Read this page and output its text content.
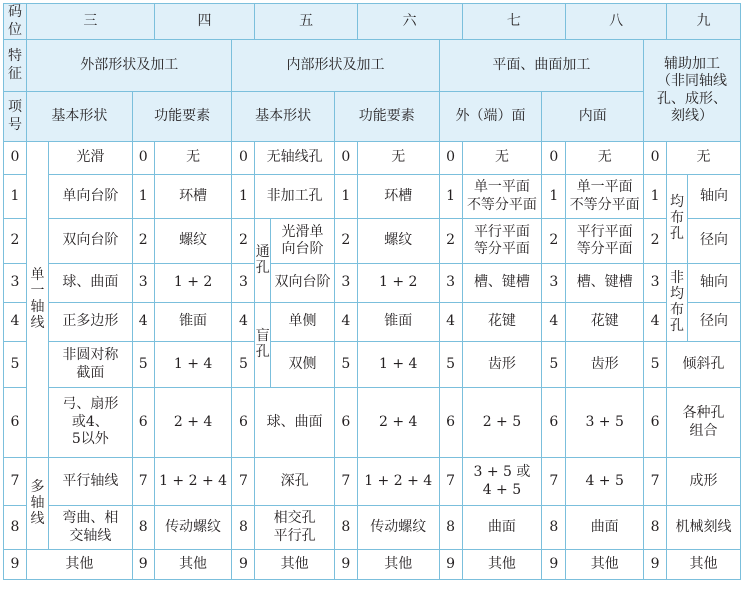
码
位	三			四		五			六		七		八		九	
特
征	外部形状及加工				内部形状及加工					平面、曲面加工				辅助加工
（非同轴线
孔、成形、
刻线）		
项
号	基本形状		功能要素		基本形状			功能要素		外（端）面		内面				
0	单
一
轴
线	光滑	0	无	0	无轴线孔		0	无	0	无	0	无	0	无	
1		单向台阶	1	环槽	1	非加工孔		1	环槽	1	单一平面
不等分平面	1	单一平面
不等分平面	1	均
布
孔	轴向
2		双向台阶	2	螺纹	2	通
孔	光滑单
向台阶	2	螺纹	2	平行平面
等分平面	2	平行平面
等分平面	2		径向
3		球、曲面	3	1 + 2	3		双向台阶	3	1 + 2	3	槽、键槽	3	槽、键槽	3	非
均
布
孔	轴向
4		正多边形	4	锥面	4	盲
孔	单侧	4	锥面	4	花键	4	花键	4		径向
5		非圆对称
截面	5	1 + 4	5		双侧	5	1 + 4	5	齿形	5	齿形	5	倾斜孔	
6		弓、扇形
或4、
5以外	6	2 + 4	6	球、曲面		6	2 + 4	6	2 + 5	6	3 + 5	6	各种孔
组合	
7	多
轴
线	平行轴线	7	1 + 2 + 4	7	深孔		7	1 + 2 + 4	7	3 + 5 或
4 + 5	7	4 + 5	7	成形	
8		弯曲、相
交轴线	8	传动螺纹	8	相交孔
平行孔		8	传动螺纹	8	曲面	8	曲面	8	机械刻线	
9	其他		9	其他	9	其他		9	其他	9	其他	9	其他	9	其他	
